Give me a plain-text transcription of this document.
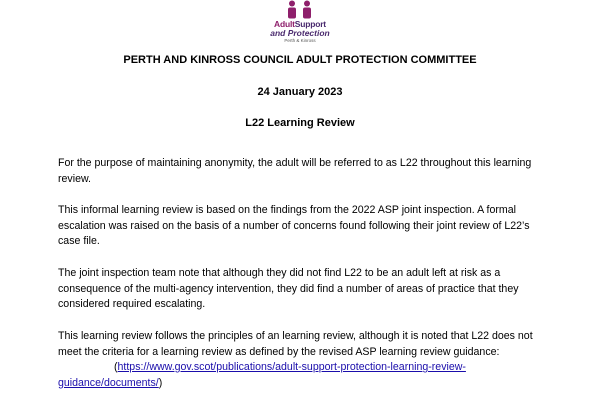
AdultSupport
and Protection
Perth & Kinross
PERTH AND KINROSS COUNCIL ADULT PROTECTION COMMITTEE
24 January 2023
L22 Learning Review

For the purpose of maintaining anonymity, the adult will be referred to as L22 throughout this learning review.

This informal learning review is based on the findings from the 2022 ASP joint inspection. A formal escalation was raised on the basis of a number of concerns found following their joint review of L22’s case file.

The joint inspection team note that although they did not find L22 to be an adult left at risk as a consequence of the multi-agency intervention, they did find a number of areas of practice that they considered required escalating.

This learning review follows the principles of an learning review, although it is noted that L22 does not meet the criteria for a learning review as defined by the revised ASP learning review guidance:(https://www.gov.scot/publications/adult-support-protection-learning-review-guidance/documents/)
